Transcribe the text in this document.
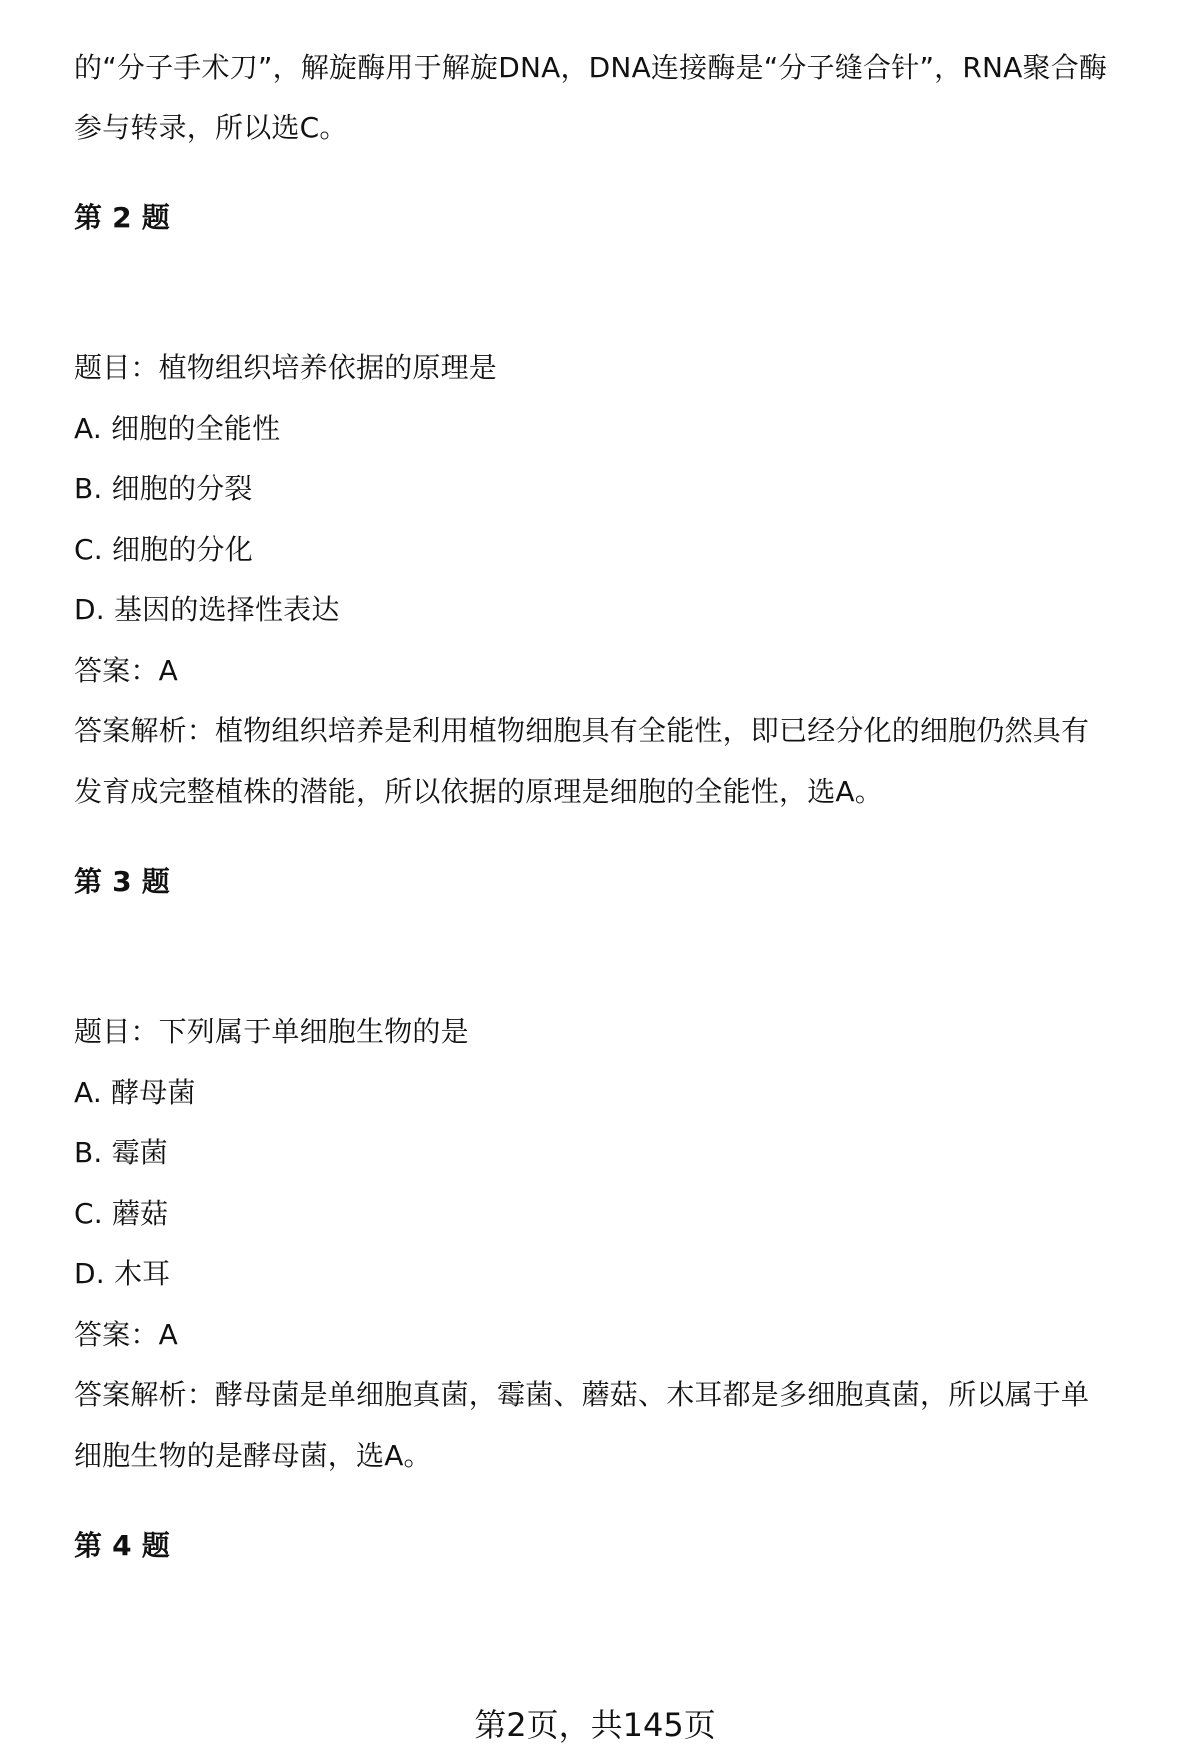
的“分子手术刀”，解旋酶用于解旋DNA，DNA连接酶是“分子缝合针”，RNA聚合酶
参与转录，所以选C。
第 2 题
题目：植物组织培养依据的原理是
A. 细胞的全能性
B. 细胞的分裂
C. 细胞的分化
D. 基因的选择性表达
答案：A
答案解析：植物组织培养是利用植物细胞具有全能性，即已经分化的细胞仍然具有
发育成完整植株的潜能，所以依据的原理是细胞的全能性，选A。
第 3 题
题目：下列属于单细胞生物的是
A. 酵母菌
B. 霉菌
C. 蘑菇
D. 木耳
答案：A
答案解析：酵母菌是单细胞真菌，霉菌、蘑菇、木耳都是多细胞真菌，所以属于单
细胞生物的是酵母菌，选A。
第 4 题
第2页，共145页
